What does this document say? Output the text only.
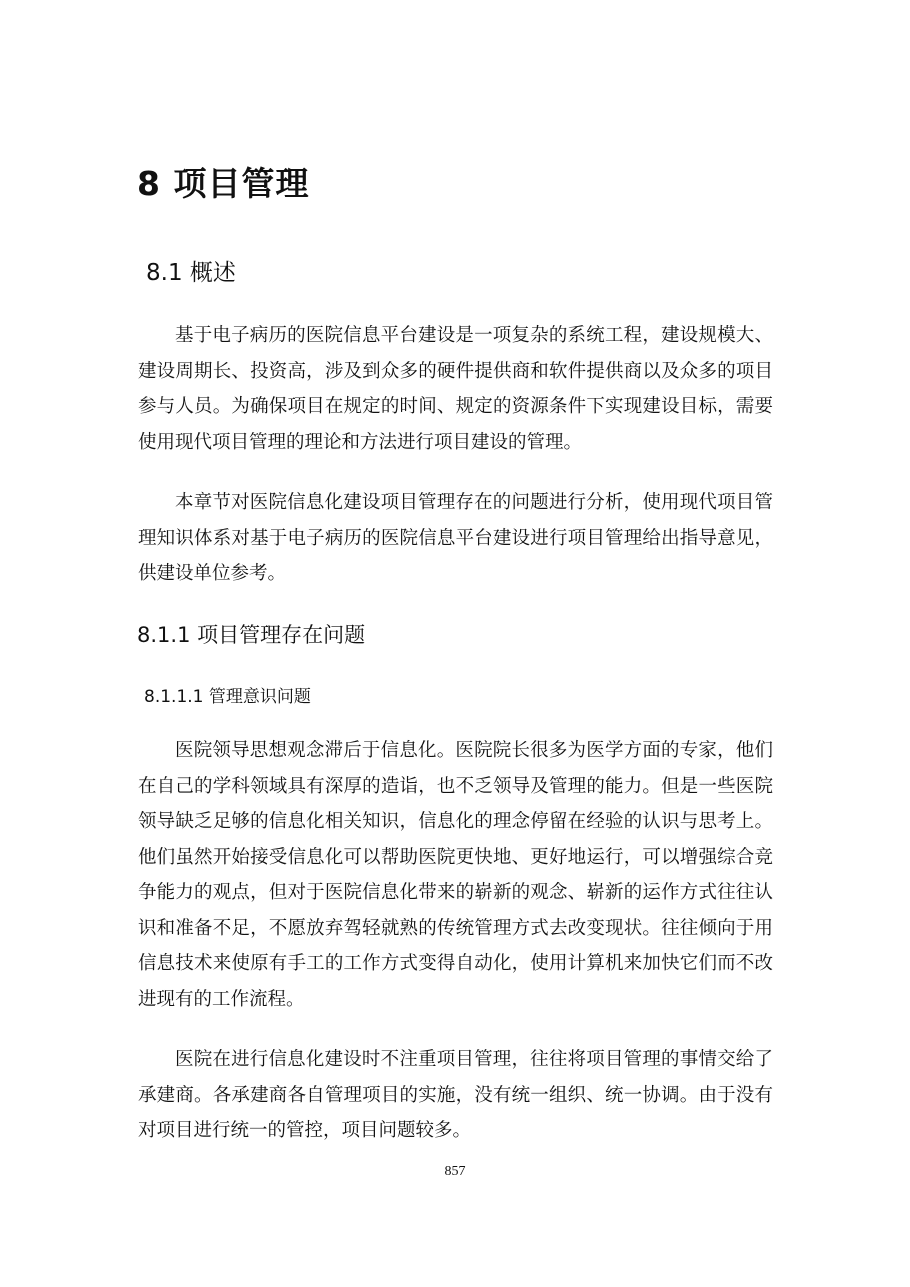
8 项目管理
8.1 概述

基于电子病历的医院信息平台建设是一项复杂的系统工程，建设规模大、建设周期长、投资高，涉及到众多的硬件提供商和软件提供商以及众多的项目参与人员。为确保项目在规定的时间、规定的资源条件下实现建设目标，需要使用现代项目管理的理论和方法进行项目建设的管理。

本章节对医院信息化建设项目管理存在的问题进行分析，使用现代项目管理知识体系对基于电子病历的医院信息平台建设进行项目管理给出指导意见，供建设单位参考。

8.1.1 项目管理存在问题
8.1.1.1 管理意识问题

医院领导思想观念滞后于信息化。医院院长很多为医学方面的专家，他们在自己的学科领域具有深厚的造诣，也不乏领导及管理的能力。但是一些医院领导缺乏足够的信息化相关知识，信息化的理念停留在经验的认识与思考上。他们虽然开始接受信息化可以帮助医院更快地、更好地运行，可以增强综合竞争能力的观点，但对于医院信息化带来的崭新的观念、崭新的运作方式往往认识和准备不足，不愿放弃驾轻就熟的传统管理方式去改变现状。往往倾向于用信息技术来使原有手工的工作方式变得自动化，使用计算机来加快它们而不改进现有的工作流程。

医院在进行信息化建设时不注重项目管理，往往将项目管理的事情交给了承建商。各承建商各自管理项目的实施，没有统一组织、统一协调。由于没有对项目进行统一的管控，项目问题较多。

857
